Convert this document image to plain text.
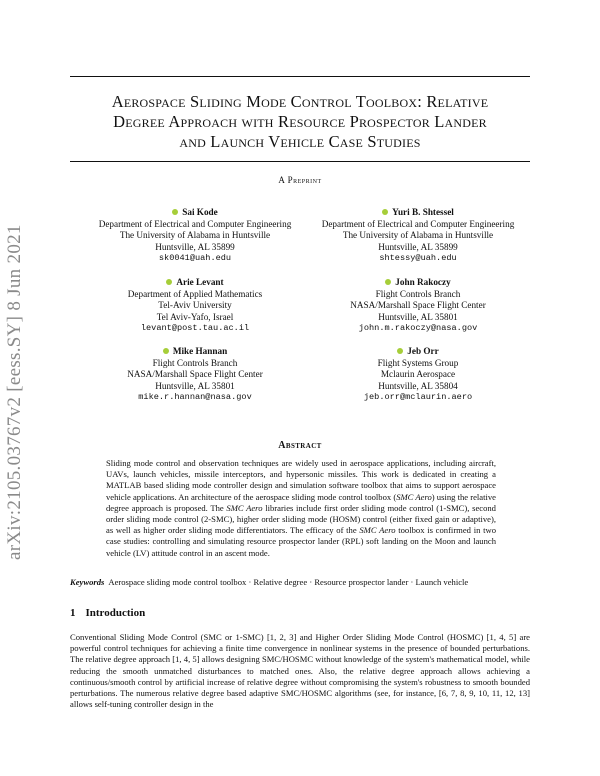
arXiv:2105.03767v2 [eess.SY] 8 Jun 2021
Aerospace Sliding Mode Control Toolbox: Relative
Degree Approach with Resource Prospector Lander
and Launch Vehicle Case Studies
A Preprint
Sai Kode
Department of Electrical and Computer Engineering
The University of Alabama in Huntsville
Huntsville, AL 35899
sk0041@uah.edu
Yuri B. Shtessel
Department of Electrical and Computer Engineering
The University of Alabama in Huntsville
Huntsville, AL 35899
shtessy@uah.edu
Arie Levant
Department of Applied Mathematics
Tel-Aviv University
Tel Aviv-Yafo, Israel
levant@post.tau.ac.il
John Rakoczy
Flight Controls Branch
NASA/Marshall Space Flight Center
Huntsville, AL 35801
john.m.rakoczy@nasa.gov
Mike Hannan
Flight Controls Branch
NASA/Marshall Space Flight Center
Huntsville, AL 35801
mike.r.hannan@nasa.gov
Jeb Orr
Flight Systems Group
Mclaurin Aerospace
Huntsville, AL 35804
jeb.orr@mclaurin.aero
Abstract
Sliding mode control and observation techniques are widely used in aerospace applications, including aircraft, UAVs, launch vehicles, missile interceptors, and hypersonic missiles. This work is dedicated in creating a MATLAB based sliding mode controller design and simulation software toolbox that aims to support aerospace vehicle applications. An architecture of the aerospace sliding mode control toolbox (SMC Aero) using the relative degree approach is proposed. The SMC Aero libraries include first order sliding mode control (1-SMC), second order sliding mode control (2-SMC), higher order sliding mode (HOSM) control (either fixed gain or adaptive), as well as higher order sliding mode differentiators. The efficacy of the SMC Aero toolbox is confirmed in two case studies: controlling and simulating resource prospector lander (RPL) soft landing on the Moon and launch vehicle (LV) attitude control in an ascent mode.
Keywords Aerospace sliding mode control toolbox · Relative degree · Resource prospector lander · Launch vehicle
1 Introduction
Conventional Sliding Mode Control (SMC or 1-SMC) [1, 2, 3] and Higher Order Sliding Mode Control (HOSMC) [1, 4, 5] are powerful control techniques for achieving a finite time convergence in nonlinear systems in the presence of bounded perturbations. The relative degree approach [1, 4, 5] allows designing SMC/HOSMC without knowledge of the system's mathematical model, while reducing the smooth unmatched disturbances to matched ones. Also, the relative degree approach allows achieving a continuous/smooth control by artificial increase of relative degree without compromising the system's robustness to smooth bounded perturbations. The numerous relative degree based adaptive SMC/HOSMC algorithms (see, for instance, [6, 7, 8, 9, 10, 11, 12, 13] allows self-tuning controller design in the
